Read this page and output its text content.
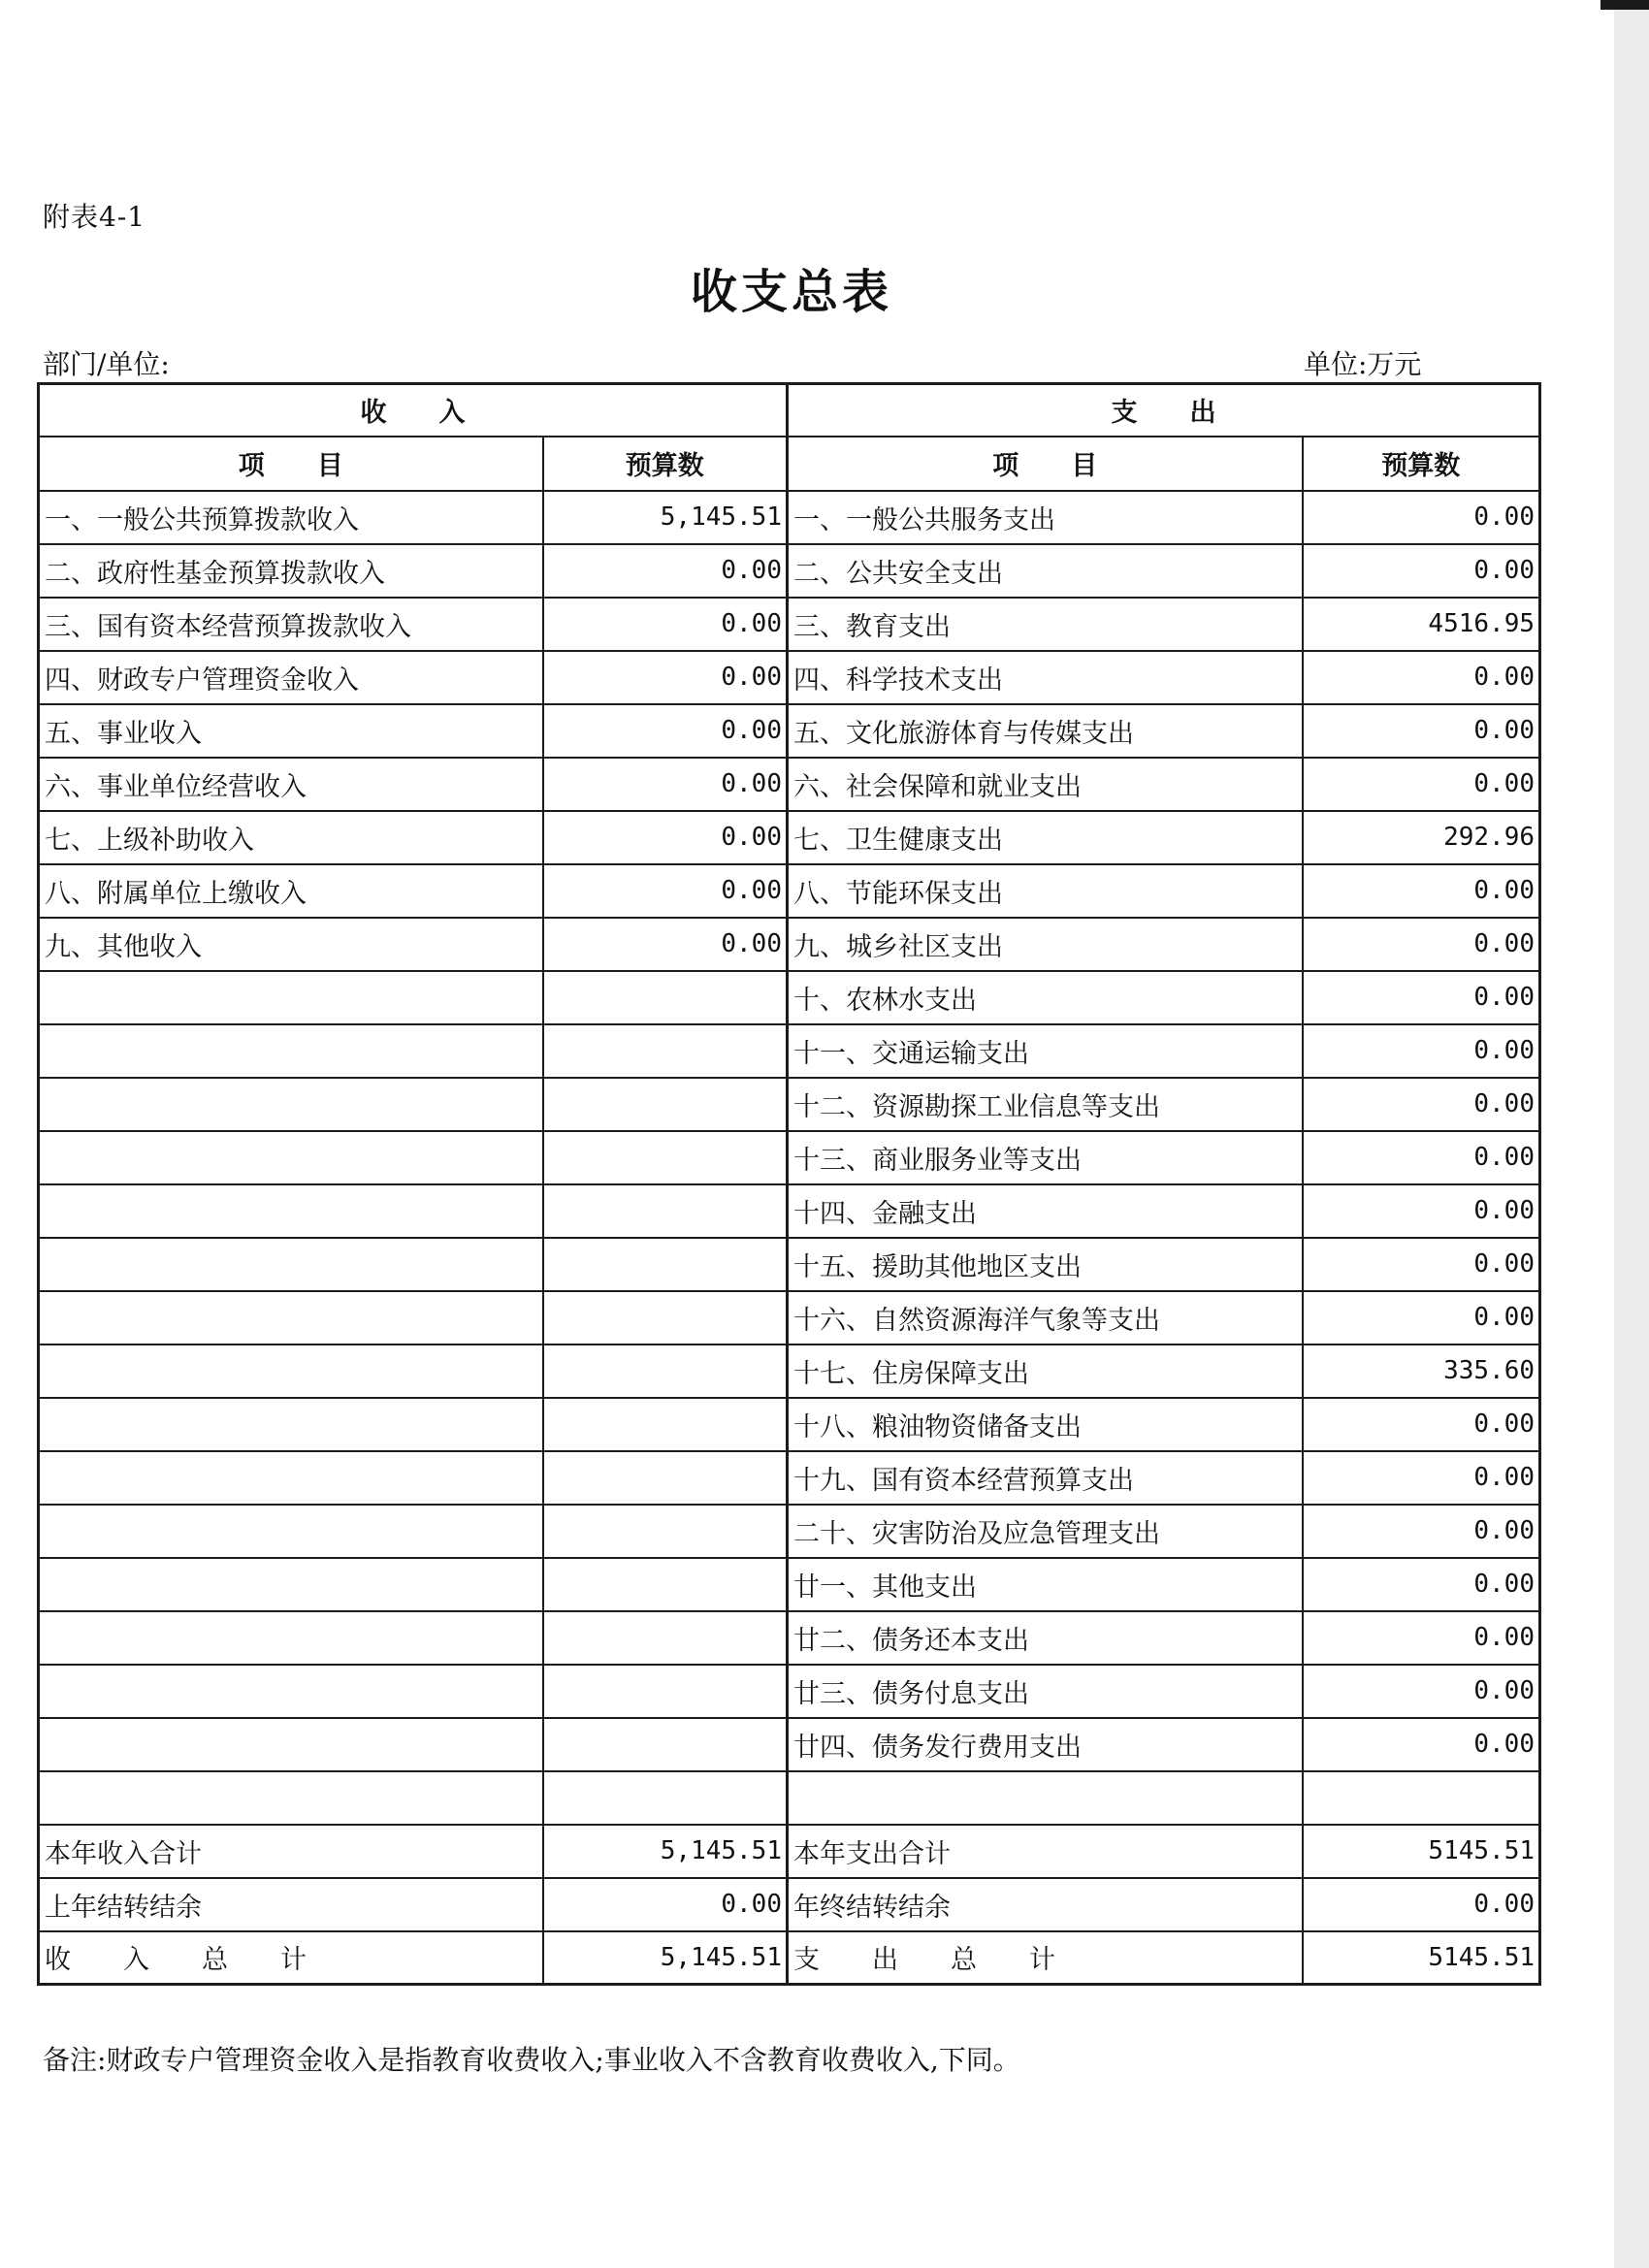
附表4-1
收支总表
部门/单位:	单位:万元
收　　入		支　　出	
项　　目	预算数	项　　目	预算数
一、一般公共预算拨款收入	5,145.51	一、一般公共服务支出	0.00
二、政府性基金预算拨款收入	0.00	二、公共安全支出	0.00
三、国有资本经营预算拨款收入	0.00	三、教育支出	4516.95
四、财政专户管理资金收入	0.00	四、科学技术支出	0.00
五、事业收入	0.00	五、文化旅游体育与传媒支出	0.00
六、事业单位经营收入	0.00	六、社会保障和就业支出	0.00
七、上级补助收入	0.00	七、卫生健康支出	292.96
八、附属单位上缴收入	0.00	八、节能环保支出	0.00
九、其他收入	0.00	九、城乡社区支出	0.00
		十、农林水支出	0.00
		十一、交通运输支出	0.00
		十二、资源勘探工业信息等支出	0.00
		十三、商业服务业等支出	0.00
		十四、金融支出	0.00
		十五、援助其他地区支出	0.00
		十六、自然资源海洋气象等支出	0.00
		十七、住房保障支出	335.60
		十八、粮油物资储备支出	0.00
		十九、国有资本经营预算支出	0.00
		二十、灾害防治及应急管理支出	0.00
		廿一、其他支出	0.00
		廿二、债务还本支出	0.00
		廿三、债务付息支出	0.00
		廿四、债务发行费用支出	0.00

本年收入合计	5,145.51	本年支出合计	5145.51
上年结转结余	0.00	年终结转结余	0.00
收　　入　　总　　计	5,145.51	支　　出　　总　　计	5145.51
备注:财政专户管理资金收入是指教育收费收入;事业收入不含教育收费收入,下同。
